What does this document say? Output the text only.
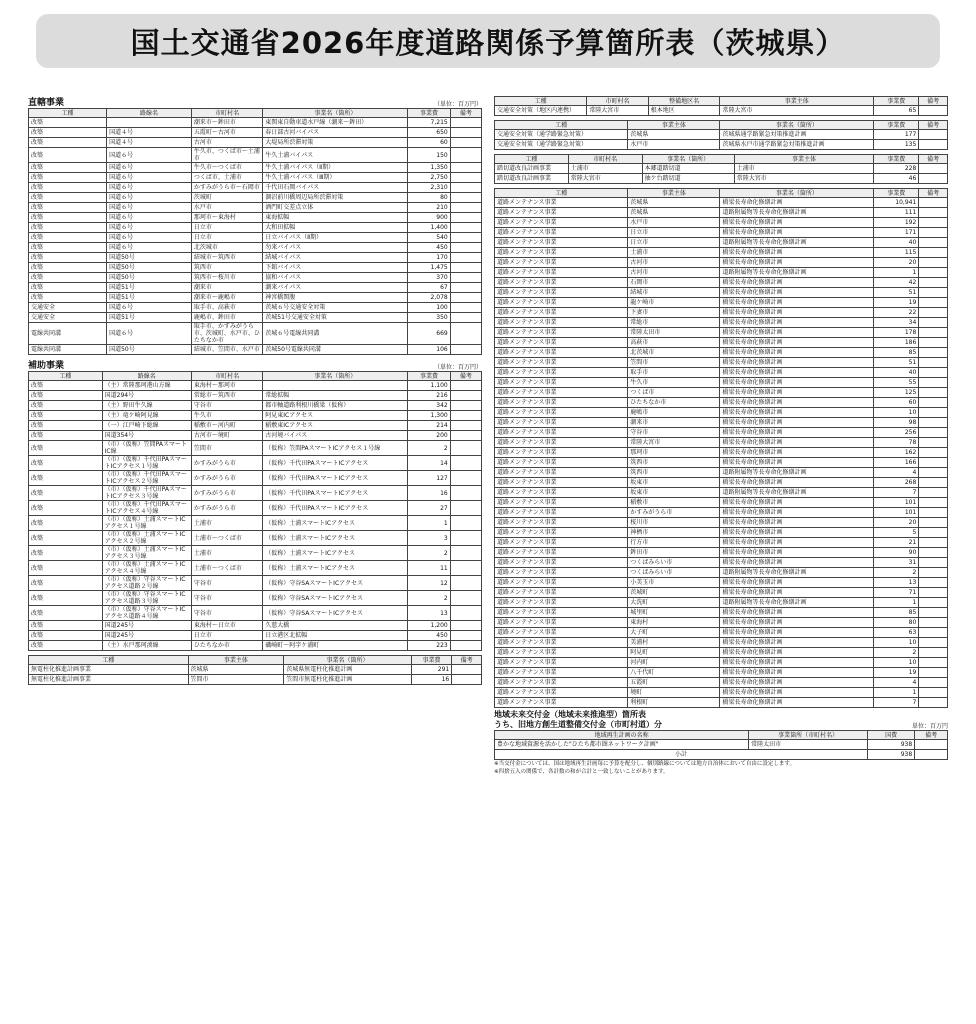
国土交通省2026年度道路関係予算箇所表（茨城県）
直轄事業	（単位：百万円）
工種	路線名	市町村名	事業名（箇所）	事業費	備考
改築		潮来市～鉾田市	東関東自動車道水戸線（潮来～鉾田）	7,215	
改築	国道４号	五霞町～古河市	春日部古河バイパス	650	
改築	国道４号	古河市	大堤局所渋滞対策	60	
改築	国道６号	牛久市、つくば市～土浦市	牛久土浦バイパス	150	
改築	国道６号	牛久市～つくば市	牛久土浦バイパス（Ⅱ期）	1,350	
改築	国道６号	つくば市、土浦市	牛久土浦バイパス（Ⅲ期）	2,750	
改築	国道６号	かすみがうら市～石岡市	千代田石岡バイパス	2,310	
改築	国道６号	茨城町	涸沼前川橋周辺局所渋滞対策	80	
改築	国道６号	水戸市	酒門町交差点立体	210	
改築	国道６号	那珂市～東海村	東海拡幅	900	
改築	国道６号	日立市	大和田拡幅	1,400	
改築	国道６号	日立市	日立バイパス（Ⅱ期）	540	
改築	国道６号	北茨城市	勿来バイパス	450	
改築	国道50号	結城市～筑西市	結城バイパス	170	
改築	国道50号	筑西市	下館バイパス	1,475	
改築	国道50号	筑西市～桜川市	協和バイパス	370	
改築	国道51号	潮来市	潮来バイパス	67	
改築	国道51号	潮来市～鹿嶋市	神宮橋関腹	2,078	
交通安全	国道６号	取手市、高萩市	茨城６号交通安全対策	100	
交通安全	国道51号	鹿嶋市、鉾田市	茨城51号交通安全対策	350	
電線共同溝	国道６号	取手市、かすみがうら市、茨城町、水戸市、ひたちなか市	茨城６号電線共同溝	669	
電線共同溝	国道50号	結城市、笠間市、水戸市	茨城50号電線共同溝	106	
補助事業	（単位：百万円）
工種	路線名	市町村名	事業名（箇所）	事業費	備考
改築	（主）常陸那珂港山方線	東海村～那珂市		1,100	
改築	国道294号	常総市～筑西市	常総拡幅	216	
改築	（主）野田牛久線	守谷市	都市軸道路利根川橋梁（仮称）	342	
改築	（主）竜ケ崎阿見線	牛久市	阿見東ICアクセス	1,300	
改築	（一）江戸崎下総線	稲敷市～河内町	稲敷東ICアクセス	214	
改築	国道354号	古河市～境町	古河境バイパス	200	
改築	（市）（仮称）笠間PAスマートIC線	笠間市	（仮称）笠間PAスマートICアクセス１号線	2	
改築	（市）（仮称）千代田PAスマートICアクセス１号線	かすみがうら市	（仮称）千代田PAスマートICアクセス	14	
改築	（市）（仮称）千代田PAスマートICアクセス２号線	かすみがうら市	（仮称）千代田PAスマートICアクセス	127	
改築	（市）（仮称）千代田PAスマートICアクセス３号線	かすみがうら市	（仮称）千代田PAスマートICアクセス	16	
改築	（市）（仮称）千代田PAスマートICアクセス４号線	かすみがうら市	（仮称）千代田PAスマートICアクセス	27	
改築	（市）（仮称）土浦スマートICアクセス１号線	土浦市	（仮称）土浦スマートICアクセス	1	
改築	（市）（仮称）土浦スマートICアクセス２号線	土浦市～つくば市	（仮称）土浦スマートICアクセス	3	
改築	（市）（仮称）土浦スマートICアクセス３号線	土浦市	（仮称）土浦スマートICアクセス	2	
改築	（市）（仮称）土浦スマートICアクセス４号線	土浦市～つくば市	（仮称）土浦スマートICアクセス	11	
改築	（市）（仮称）守谷スマートICアクセス道路２号線	守谷市	（仮称）守谷SAスマートICアクセス	12	
改築	（市）（仮称）守谷スマートICアクセス道路３号線	守谷市	（仮称）守谷SAスマートICアクセス	2	
改築	（市）（仮称）守谷スマートICアクセス道路４号線	守谷市	（仮称）守谷SAスマートICアクセス	13	
改築	国道245号	東海村～日立市	久慈大橋	1,200	
改築	国道245号	日立市	日立港区北拡幅	450	
改築	（主）水戸那珂湊線	ひたちなか市	磯崎町～阿字ケ浦町	223	
工種	事業主体	事業名（箇所）	事業費	備考
無電柱化推進計画事業	茨城県	茨城県無電柱化推進計画	291	
無電柱化推進計画事業	笠間市	笠間市無電柱化推進計画	16	
工種	市町村名	整備地区名	事業主体	事業費	備考
交通安全対策（地区内連携）	常陸大宮市	根本地区	常陸大宮市	65	
工種	事業主体	事業名（箇所）	事業費	備考
交通安全対策（通学路緊急対策）	茨城県	茨城県通学路緊急対策推進計画	177	
交通安全対策（通学路緊急対策）	水戸市	茨城県水戸市通学路緊急対策推進計画	135	
工種	市町村名	事業名（箇所）	事業主体	事業費	備考
踏切道改良計画事業	土浦市	本郷道踏切道	土浦市	228	
踏切道改良計画事業	常陸大宮市	抽ケ台踏切道	常陸大宮市	46	
工種	事業主体	事業名（箇所）	事業費	備考
道路メンテナンス事業	茨城県	橋梁長寿命化修繕計画	10,941	
道路メンテナンス事業	茨城県	道路附属物等長寿命化修繕計画	111	
道路メンテナンス事業	水戸市	橋梁長寿命化修繕計画	192	
道路メンテナンス事業	日立市	橋梁長寿命化修繕計画	171	
道路メンテナンス事業	日立市	道路附属物等長寿命化修繕計画	40	
道路メンテナンス事業	土浦市	橋梁長寿命化修繕計画	115	
道路メンテナンス事業	古河市	橋梁長寿命化修繕計画	20	
道路メンテナンス事業	古河市	道路附属物等長寿命化修繕計画	1	
道路メンテナンス事業	石岡市	橋梁長寿命化修繕計画	42	
道路メンテナンス事業	結城市	橋梁長寿命化修繕計画	51	
道路メンテナンス事業	龍ケ崎市	橋梁長寿命化修繕計画	19	
道路メンテナンス事業	下妻市	橋梁長寿命化修繕計画	22	
道路メンテナンス事業	常総市	橋梁長寿命化修繕計画	34	
道路メンテナンス事業	常陸太田市	橋梁長寿命化修繕計画	178	
道路メンテナンス事業	高萩市	橋梁長寿命化修繕計画	186	
道路メンテナンス事業	北茨城市	橋梁長寿命化修繕計画	85	
道路メンテナンス事業	笠間市	橋梁長寿命化修繕計画	51	
道路メンテナンス事業	取手市	橋梁長寿命化修繕計画	40	
道路メンテナンス事業	牛久市	橋梁長寿命化修繕計画	55	
道路メンテナンス事業	つくば市	橋梁長寿命化修繕計画	125	
道路メンテナンス事業	ひたちなか市	橋梁長寿命化修繕計画	60	
道路メンテナンス事業	鹿嶋市	橋梁長寿命化修繕計画	10	
道路メンテナンス事業	潮来市	橋梁長寿命化修繕計画	98	
道路メンテナンス事業	守谷市	橋梁長寿命化修繕計画	256	
道路メンテナンス事業	常陸大宮市	橋梁長寿命化修繕計画	78	
道路メンテナンス事業	那珂市	橋梁長寿命化修繕計画	162	
道路メンテナンス事業	筑西市	橋梁長寿命化修繕計画	166	
道路メンテナンス事業	筑西市	道路附属物等長寿命化修繕計画	4	
道路メンテナンス事業	坂東市	橋梁長寿命化修繕計画	268	
道路メンテナンス事業	坂東市	道路附属物等長寿命化修繕計画	7	
道路メンテナンス事業	稲敷市	橋梁長寿命化修繕計画	101	
道路メンテナンス事業	かすみがうら市	橋梁長寿命化修繕計画	101	
道路メンテナンス事業	桜川市	橋梁長寿命化修繕計画	20	
道路メンテナンス事業	神栖市	橋梁長寿命化修繕計画	5	
道路メンテナンス事業	行方市	橋梁長寿命化修繕計画	21	
道路メンテナンス事業	鉾田市	橋梁長寿命化修繕計画	90	
道路メンテナンス事業	つくばみらい市	橋梁長寿命化修繕計画	31	
道路メンテナンス事業	つくばみらい市	道路附属物等長寿命化修繕計画	2	
道路メンテナンス事業	小美玉市	橋梁長寿命化修繕計画	13	
道路メンテナンス事業	茨城町	橋梁長寿命化修繕計画	71	
道路メンテナンス事業	大洗町	道路附属物等長寿命化修繕計画	1	
道路メンテナンス事業	城里町	橋梁長寿命化修繕計画	85	
道路メンテナンス事業	東海村	橋梁長寿命化修繕計画	80	
道路メンテナンス事業	大子町	橋梁長寿命化修繕計画	63	
道路メンテナンス事業	美浦村	橋梁長寿命化修繕計画	10	
道路メンテナンス事業	阿見町	橋梁長寿命化修繕計画	2	
道路メンテナンス事業	河内町	橋梁長寿命化修繕計画	10	
道路メンテナンス事業	八千代町	橋梁長寿命化修繕計画	19	
道路メンテナンス事業	五霞町	橋梁長寿命化修繕計画	4	
道路メンテナンス事業	境町	橋梁長寿命化修繕計画	1	
道路メンテナンス事業	利根町	橋梁長寿命化修繕計画	7	
地域未来交付金（地域未来推進型）箇所表
うち、旧地方創生道整備交付金（市町村道）分	単位：百万円
地域再生計画の名称	事業箇所（市町村名）	国費	備考
豊かな地域資源を活かした"ひたち都市圏ネットワーク計画"	常陸太田市	938	
小計		938	
※当交付金については、国は地域再生計画毎に予算を配分し、個別路線については地方自治体において自由に設定します。
※四捨五入の関係で、各計数の和が合計と一致しないことがあります。
